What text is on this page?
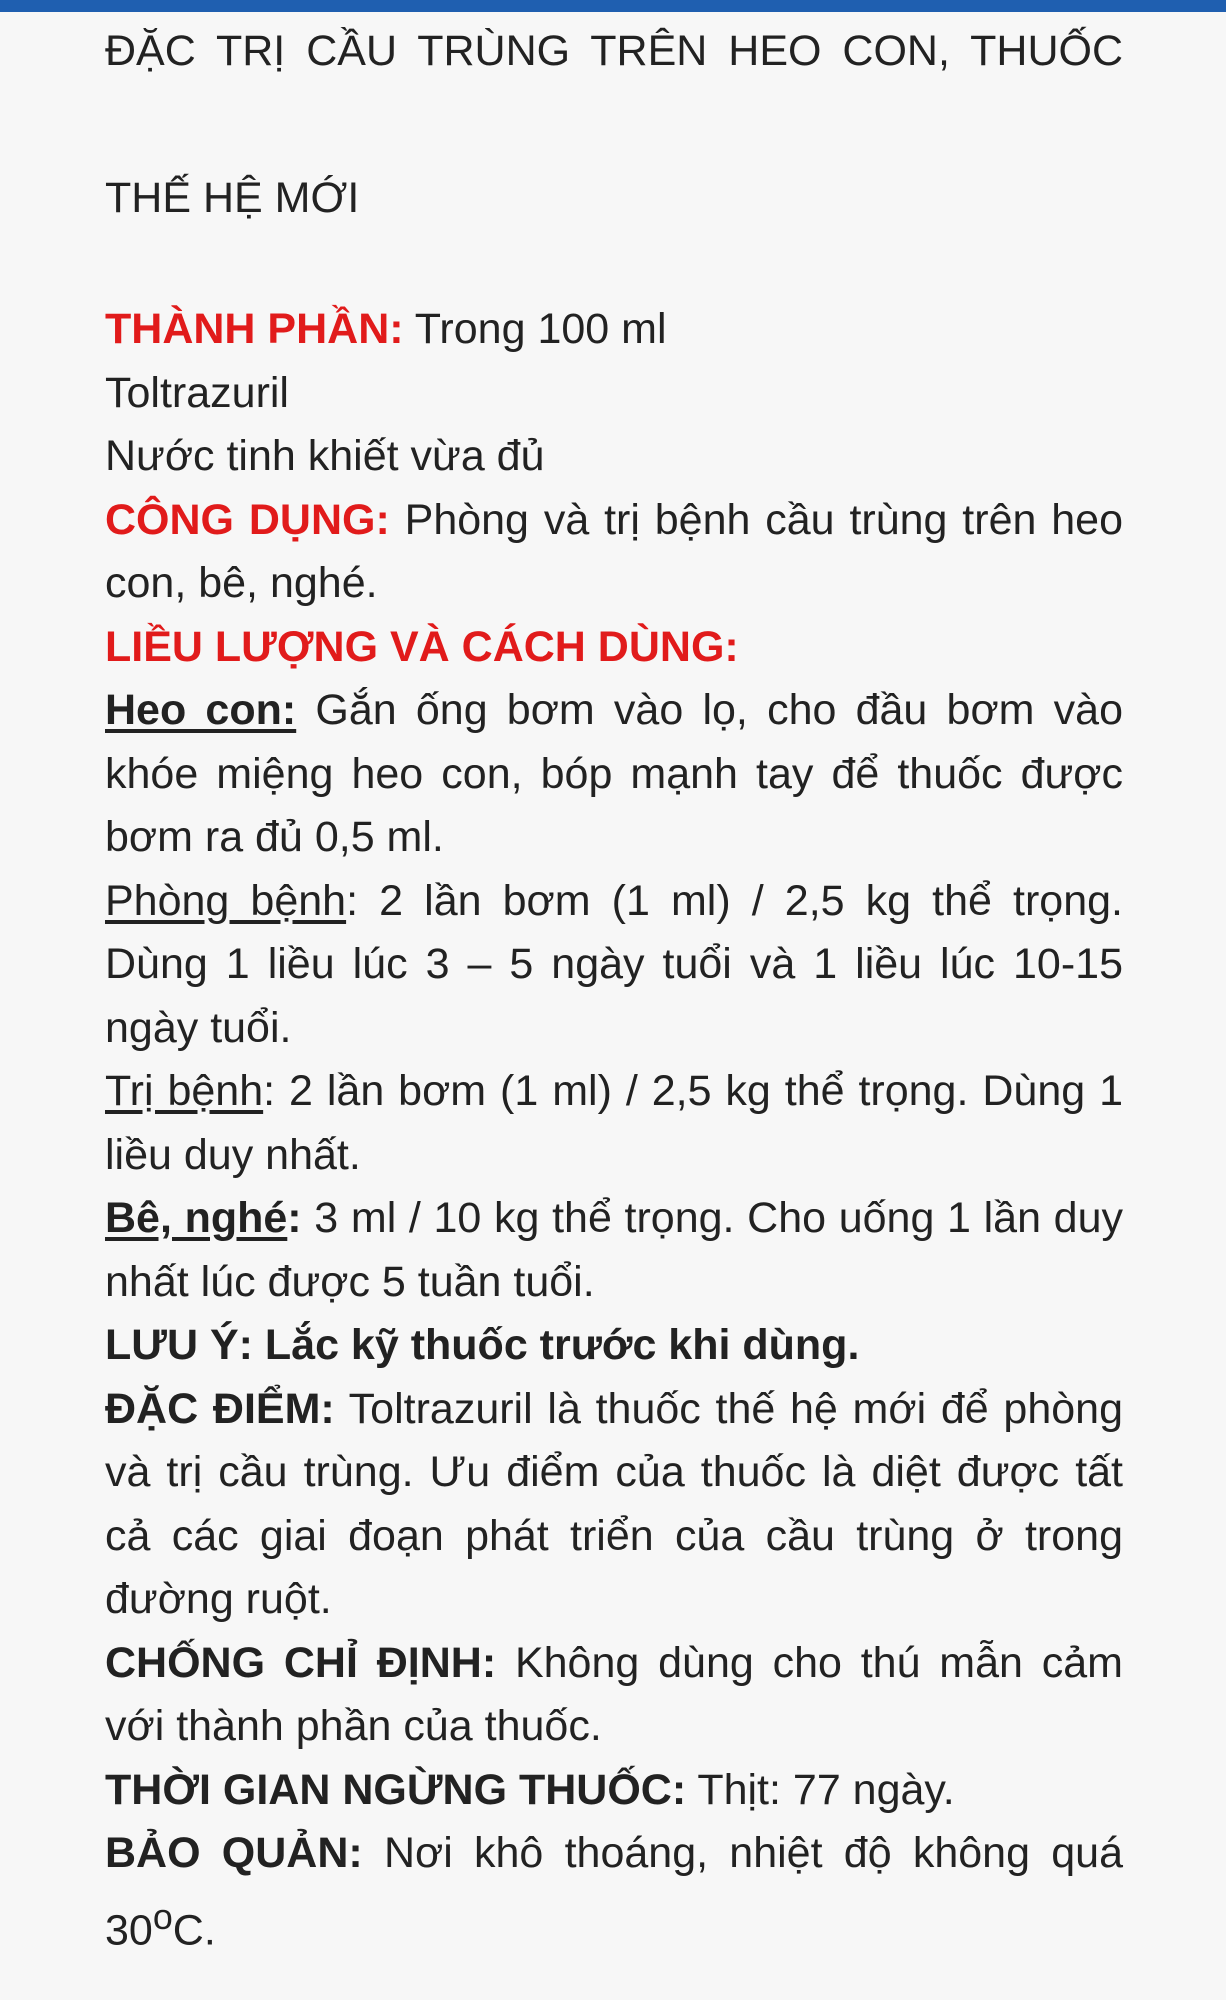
ĐẶC TRỊ CẦU TRÙNG TRÊN HEO CON, THUỐC
THẾ HỆ MỚI

THÀNH PHẦN: Trong 100 ml

Toltrazuril

Nước tinh khiết vừa đủ

CÔNG DỤNG: Phòng và trị bệnh cầu trùng trên heo con, bê, nghé.

LIỀU LƯỢNG VÀ CÁCH DÙNG:

Heo con: Gắn ống bơm vào lọ, cho đầu bơm vào khóe miệng heo con, bóp mạnh tay để thuốc được bơm ra đủ 0,5 ml.

Phòng bệnh: 2 lần bơm (1 ml) / 2,5 kg thể trọng. Dùng 1 liều lúc 3 – 5 ngày tuổi và 1 liều lúc 10-15 ngày tuổi.

Trị bệnh: 2 lần bơm (1 ml) / 2,5 kg thể trọng. Dùng 1 liều duy nhất.

Bê, nghé: 3 ml / 10 kg thể trọng. Cho uống 1 lần duy nhất lúc được 5 tuần tuổi.

LƯU Ý: Lắc kỹ thuốc trước khi dùng.

ĐẶC ĐIỂM: Toltrazuril là thuốc thế hệ mới để phòng và trị cầu trùng. Ưu điểm của thuốc là diệt được tất cả các giai đoạn phát triển của cầu trùng ở trong đường ruột.

CHỐNG CHỈ ĐỊNH: Không dùng cho thú mẫn cảm với thành phần của thuốc.

THỜI GIAN NGỪNG THUỐC: Thịt: 77 ngày.

BẢO QUẢN: Nơi khô thoáng, nhiệt độ không quá 30$^o$C.
